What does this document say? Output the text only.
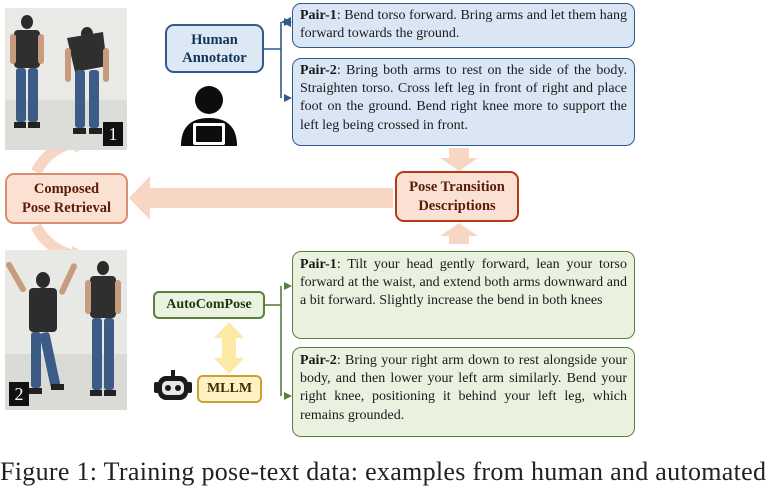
1
2
Composed
Pose Retrieval
Human
Annotator
Pair-1: Bend torso forward. Bring arms and let them hang forward towards the ground.
Pair-2: Bring both arms to rest on the side of the body. Straighten torso. Cross left leg in front of right and place foot on the ground. Bend right knee more to support the left leg being crossed in front.
Pose Transition
Descriptions
AutoComPose
MLLM
Pair-1: Tilt your head gently forward, lean your torso forward at the waist, and extend both arms downward and a bit forward. Slightly increase the bend in both knees
Pair-2: Bring your right arm down to rest alongside your body, and then lower your left arm similarly. Bend your right knee, positioning it behind your left leg, which remains grounded.
Figure 1: Training pose-text data: examples from human and automated
